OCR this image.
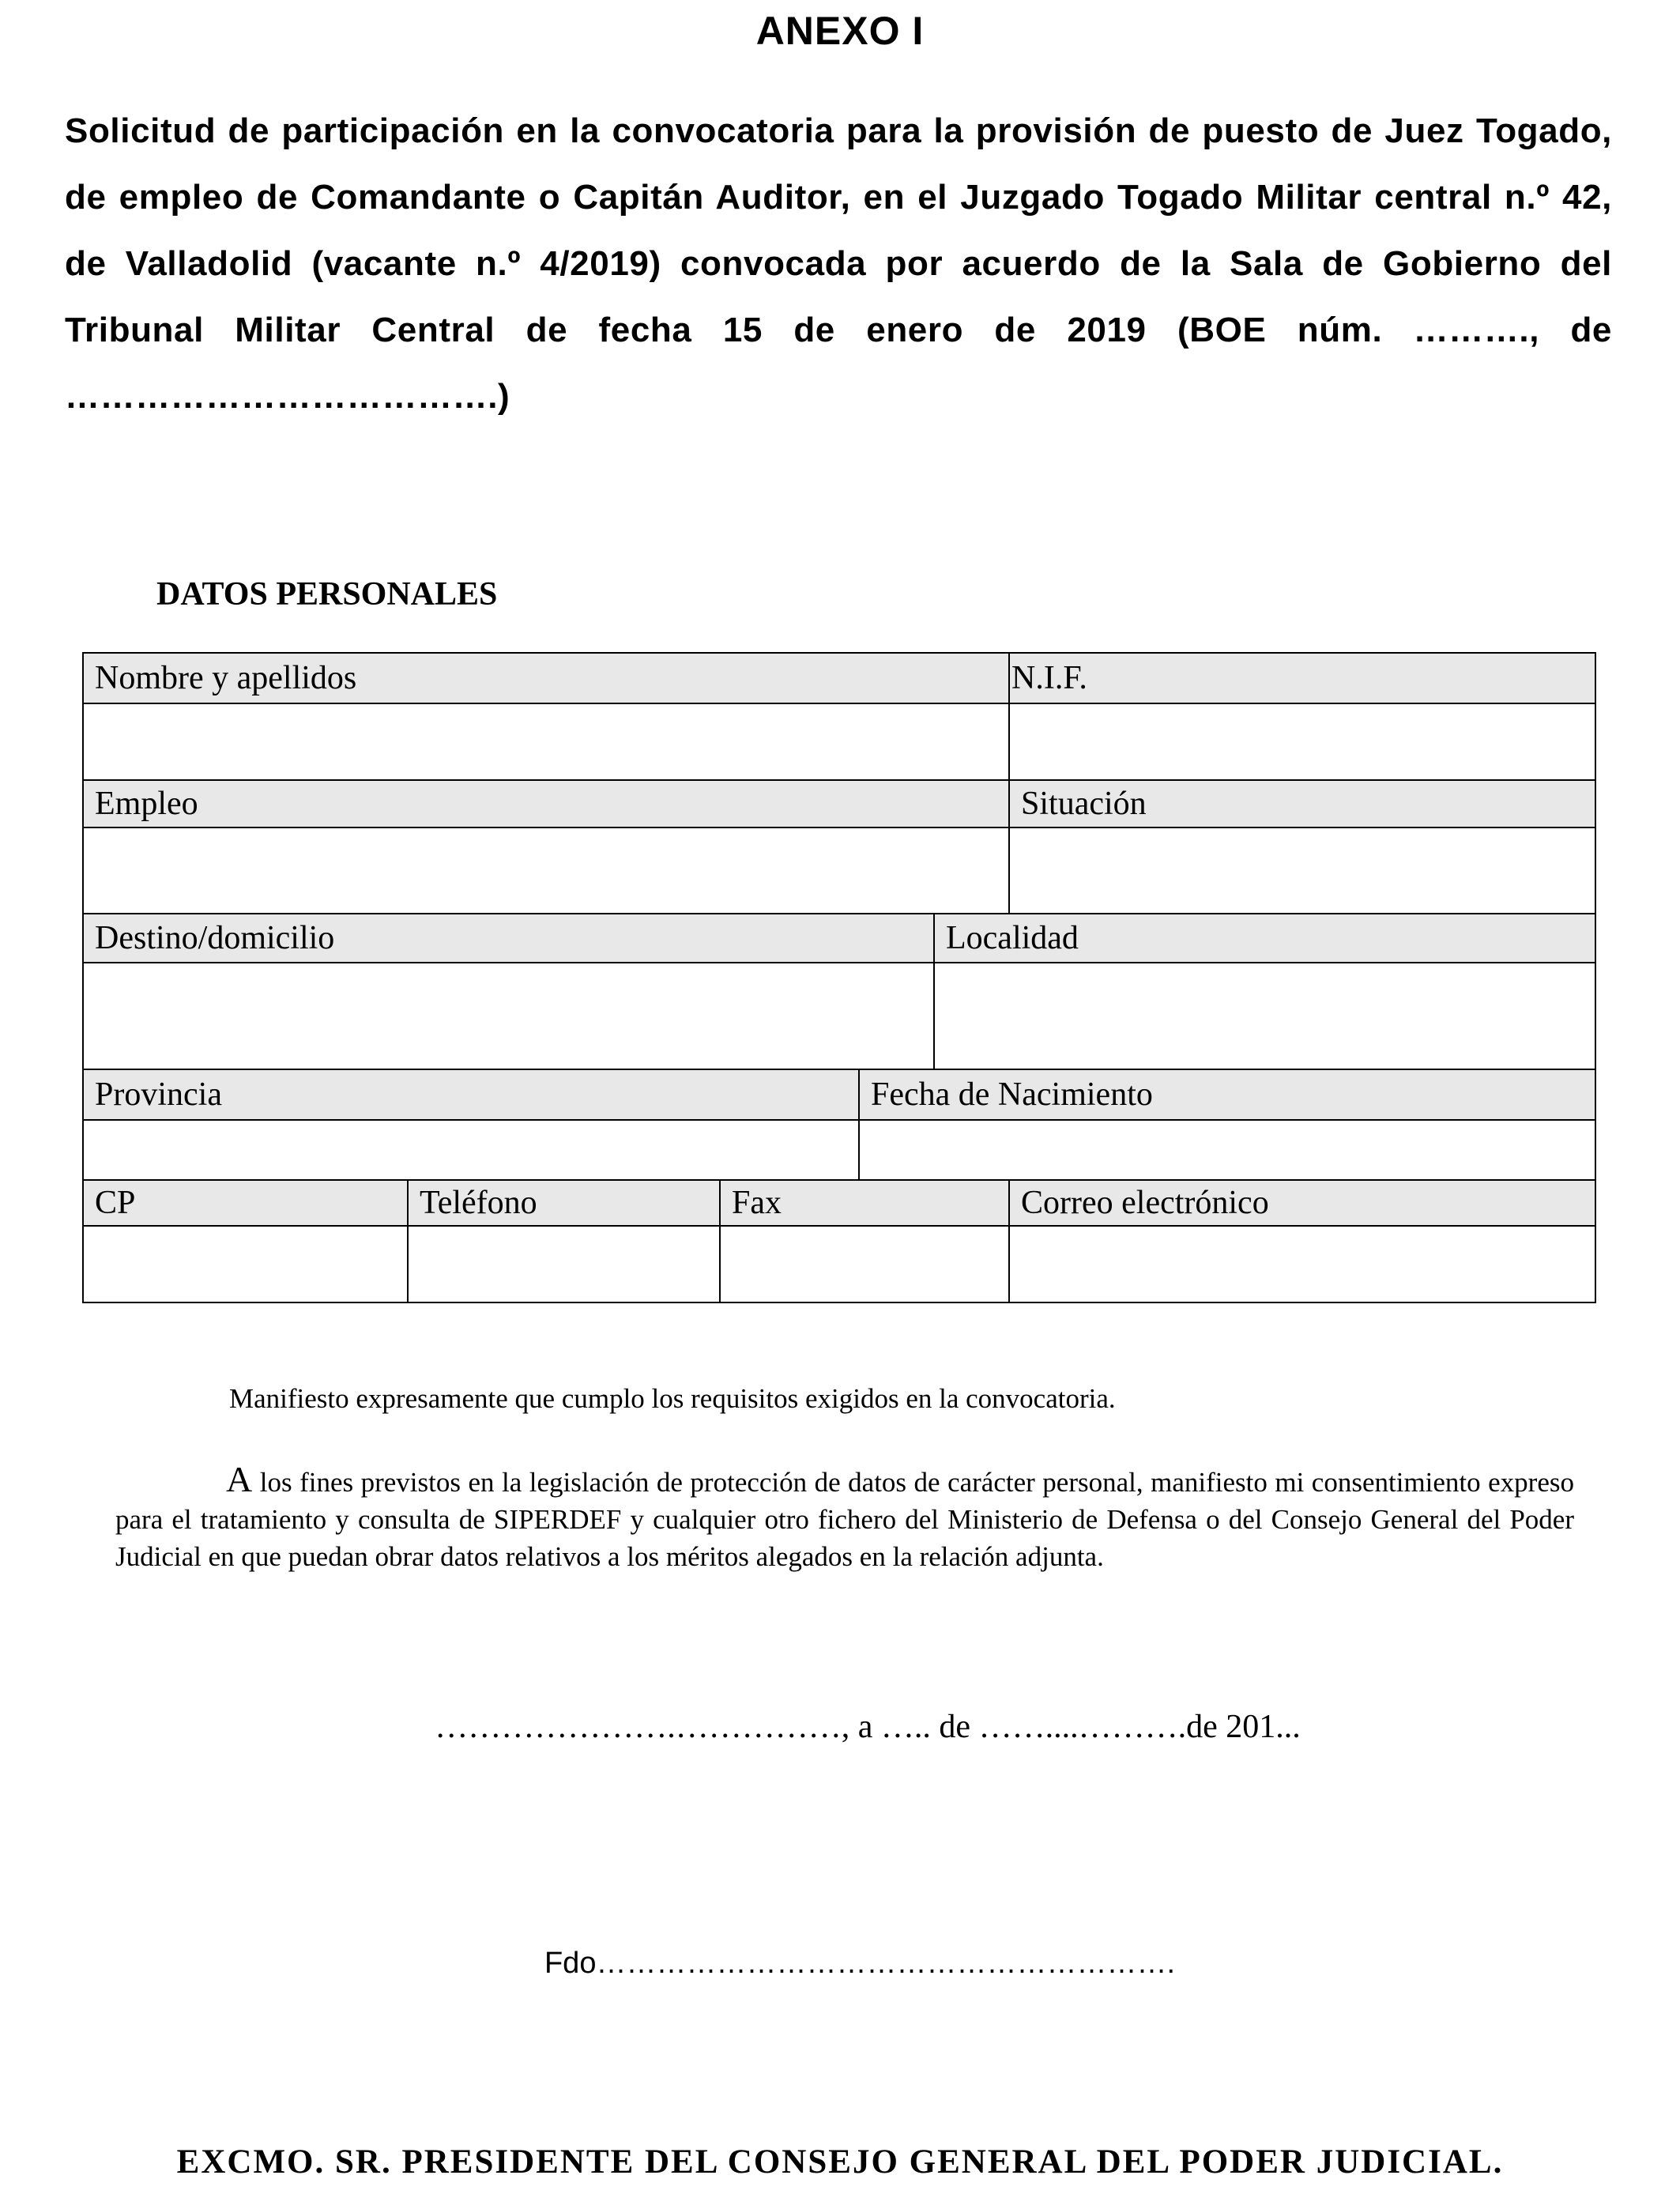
ANEXO I
Solicitud de participación en la convocatoria para la provisión de puesto de Juez Togado, de empleo de Comandante o Capitán Auditor, en el Juzgado Togado Militar central n.º 42, de Valladolid (vacante n.º 4/2019) convocada por acuerdo de la Sala de Gobierno del Tribunal Militar Central de fecha 15 de enero de 2019 (BOE núm. ………., de ……………………………….)
DATOS PERSONALES
Nombre y apellidos					N.I.F.

Empleo					Situación

Destino/domicilio				Localidad	

Provincia			Fecha de Nacimiento		

CP	Teléfono	Fax			Correo electrónico

Manifiesto expresamente que cumplo los requisitos exigidos en la convocatoria.
A los fines previstos en la legislación de protección de datos de carácter personal, manifiesto mi consentimiento expreso para el tratamiento y consulta de SIPERDEF y cualquier otro fichero del Ministerio de Defensa o del Consejo General del Poder Judicial en que puedan obrar datos relativos a los méritos alegados en la relación adjunta.
………………….……………, a ….. de ……....……….de 201...
Fdo………………………………………………….
EXCMO. SR. PRESIDENTE DEL CONSEJO GENERAL DEL PODER JUDICIAL.
